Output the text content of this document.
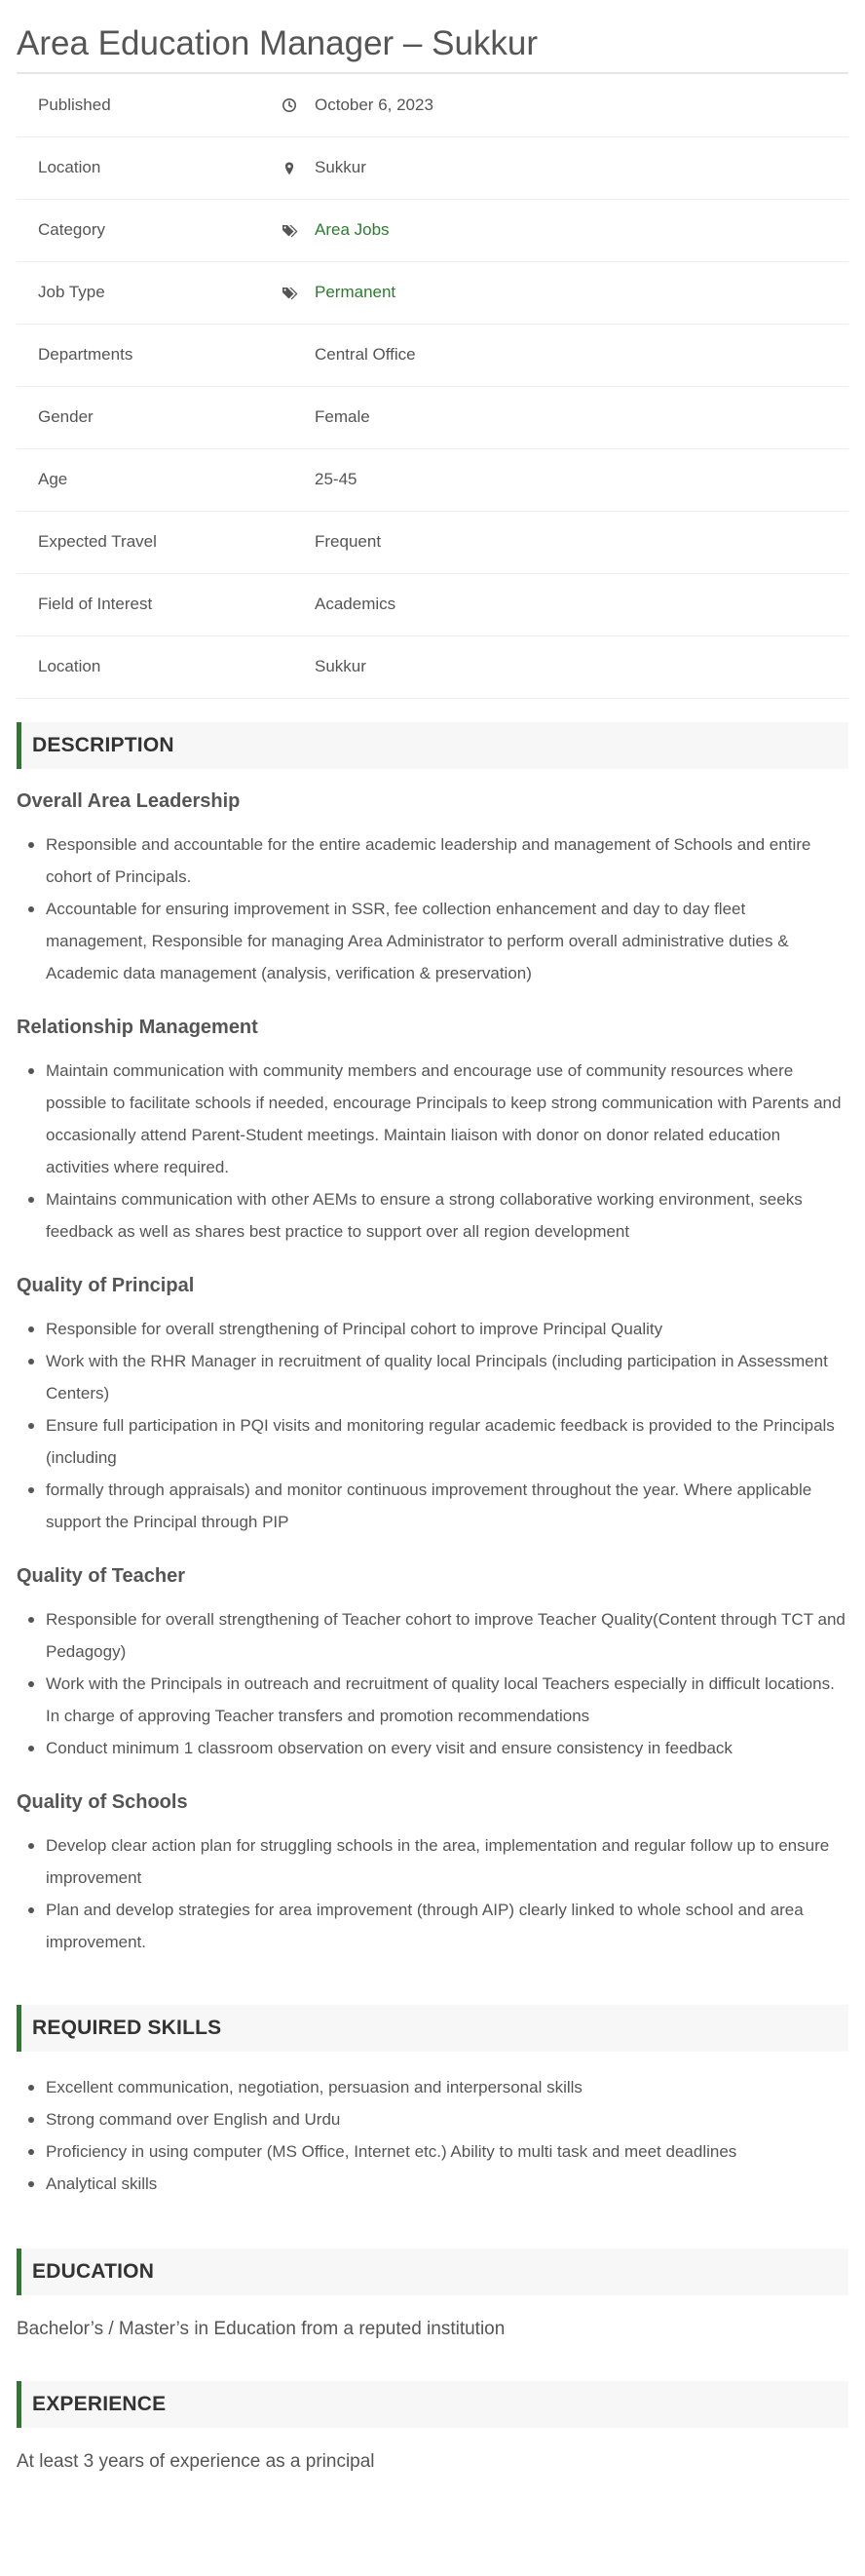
Area Education Manager – Sukkur
Published		October 6, 2023
Location		Sukkur
Category		Area Jobs
Job Type		Permanent
Departments		Central Office
Gender		Female
Age		25-45
Expected Travel		Frequent
Field of Interest		Academics
Location		Sukkur
DESCRIPTION
Overall Area Leadership
Responsible and accountable for the entire academic leadership and management of Schools and entire cohort of Principals.
Accountable for ensuring improvement in SSR, fee collection enhancement and day to day fleet management, Responsible for managing Area Administrator to perform overall administrative duties & Academic data management (analysis, verification & preservation)
Relationship Management
Maintain communication with community members and encourage use of community resources where possible to facilitate schools if needed, encourage Principals to keep strong communication with Parents and occasionally attend Parent-Student meetings. Maintain liaison with donor on donor related education activities where required.
Maintains communication with other AEMs to ensure a strong collaborative working environment, seeks feedback as well as shares best practice to support over all region development
Quality of Principal
Responsible for overall strengthening of Principal cohort to improve Principal Quality
Work with the RHR Manager in recruitment of quality local Principals (including participation in Assessment Centers)
Ensure full participation in PQI visits and monitoring regular academic feedback is provided to the Principals (including
formally through appraisals) and monitor continuous improvement throughout the year. Where applicable support the Principal through PIP
Quality of Teacher
Responsible for overall strengthening of Teacher cohort to improve Teacher Quality(Content through TCT and Pedagogy)
Work with the Principals in outreach and recruitment of quality local Teachers especially in difficult locations. In charge of approving Teacher transfers and promotion recommendations
Conduct minimum 1 classroom observation on every visit and ensure consistency in feedback
Quality of Schools
Develop clear action plan for struggling schools in the area, implementation and regular follow up to ensure improvement
Plan and develop strategies for area improvement (through AIP) clearly linked to whole school and area improvement.
REQUIRED SKILLS
Excellent communication, negotiation, persuasion and interpersonal skills
Strong command over English and Urdu
Proficiency in using computer (MS Office, Internet etc.) Ability to multi task and meet deadlines
Analytical skills
EDUCATION

Bachelor’s / Master’s in Education from a reputed institution

EXPERIENCE

At least 3 years of experience as a principal
